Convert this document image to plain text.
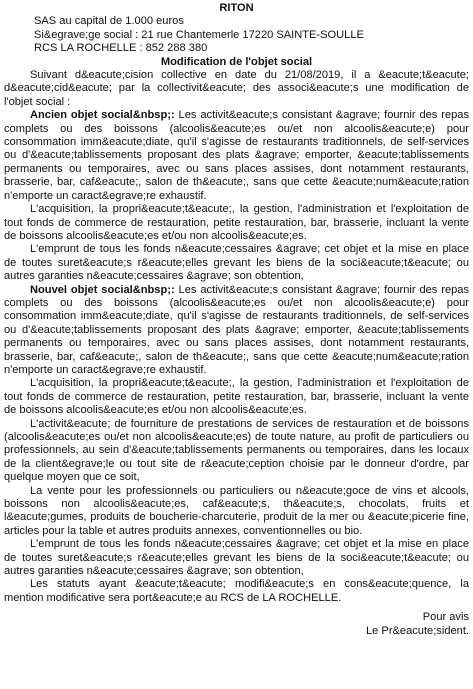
RITON

SAS au capital de 1.000 euros

Si&egrave;ge social : 21 rue Chantemerle 17220 SAINTE-SOULLE

RCS LA ROCHELLE : 852 288 380

Modification de l'objet social

Suivant d&eacute;cision collective en date du 21/08/2019, il a &eacute;t&eacute; d&eacute;cid&eacute; par la collectivit&eacute; des associ&eacute;s une modification de l'objet social :

Ancien objet social&nbsp;: Les activit&eacute;s consistant &agrave; fournir des repas complets ou des boissons (alcoolis&eacute;es ou/et non alcoolis&eacute;e) pour consommation imm&eacute;diate, qu'il s'agisse de restaurants traditionnels, de self-services ou d'&eacute;tablissements proposant des plats &agrave; emporter, &eacute;tablissements permanents ou temporaires, avec ou sans places assises, dont notamment restaurants, brasserie, bar, caf&eacute;, salon de th&eacute;, sans que cette &eacute;num&eacute;ration n'emporte un caract&egrave;re exhaustif.

L'acquisition, la propri&eacute;t&eacute;, la gestion, l'administration et l'exploitation de tout fonds de commerce de restauration, petite restauration, bar, brasserie, incluant la vente de boissons alcoolis&eacute;es et/ou non alcoolis&eacute;es.

L'emprunt de tous les fonds n&eacute;cessaires &agrave; cet objet et la mise en place de toutes suret&eacute;s r&eacute;elles grevant les biens de la soci&eacute;t&eacute; ou autres garanties n&eacute;cessaires &agrave; son obtention,

Nouvel objet social&nbsp;: Les activit&eacute;s consistant &agrave; fournir des repas complets ou des boissons (alcoolis&eacute;es ou/et non alcoolis&eacute;e) pour consommation imm&eacute;diate, qu'il s'agisse de restaurants traditionnels, de self-services ou d'&eacute;tablissements proposant des plats &agrave; emporter, &eacute;tablissements permanents ou temporaires, avec ou sans places assises, dont notamment restaurants, brasserie, bar, caf&eacute;, salon de th&eacute;, sans que cette &eacute;num&eacute;ration n'emporte un caract&egrave;re exhaustif.

L'acquisition, la propri&eacute;t&eacute;, la gestion, l'administration et l'exploitation de tout fonds de commerce de restauration, petite restauration, bar, brasserie, incluant la vente de boissons alcoolis&eacute;es et/ou non alcoolis&eacute;es.

L'activit&eacute; de fourniture de prestations de services de restauration et de boissons (alcoolis&eacute;es ou/et non alcoolis&eacute;es) de toute nature, au profit de particuliers ou professionnels, au sein d'&eacute;tablissements permanents ou temporaires, dans les locaux de la client&egrave;le ou tout site de r&eacute;ception choisie par le donneur d'ordre, par quelque moyen que ce soit,

La vente pour les professionnels ou particuliers ou n&eacute;goce de vins et alcools, boissons non alcoolis&eacute;es, caf&eacute;s, th&eacute;s, chocolats, fruits et l&eacute;gumes, produits de boucherie-charcuterie, produit de la mer ou &eacute;picerie fine, articles pour la table et autres produits annexes, conventionnelles ou bio.

L'emprunt de tous les fonds n&eacute;cessaires &agrave; cet objet et la mise en place de toutes suret&eacute;s r&eacute;elles grevant les biens de la soci&eacute;t&eacute; ou autres garanties n&eacute;cessaires &agrave; son obtention,

Les statuts ayant &eacute;t&eacute; modifi&eacute;s en cons&eacute;quence, la mention modificative sera port&eacute;e au RCS de LA ROCHELLE.

Pour avis

Le Pr&eacute;sident.
